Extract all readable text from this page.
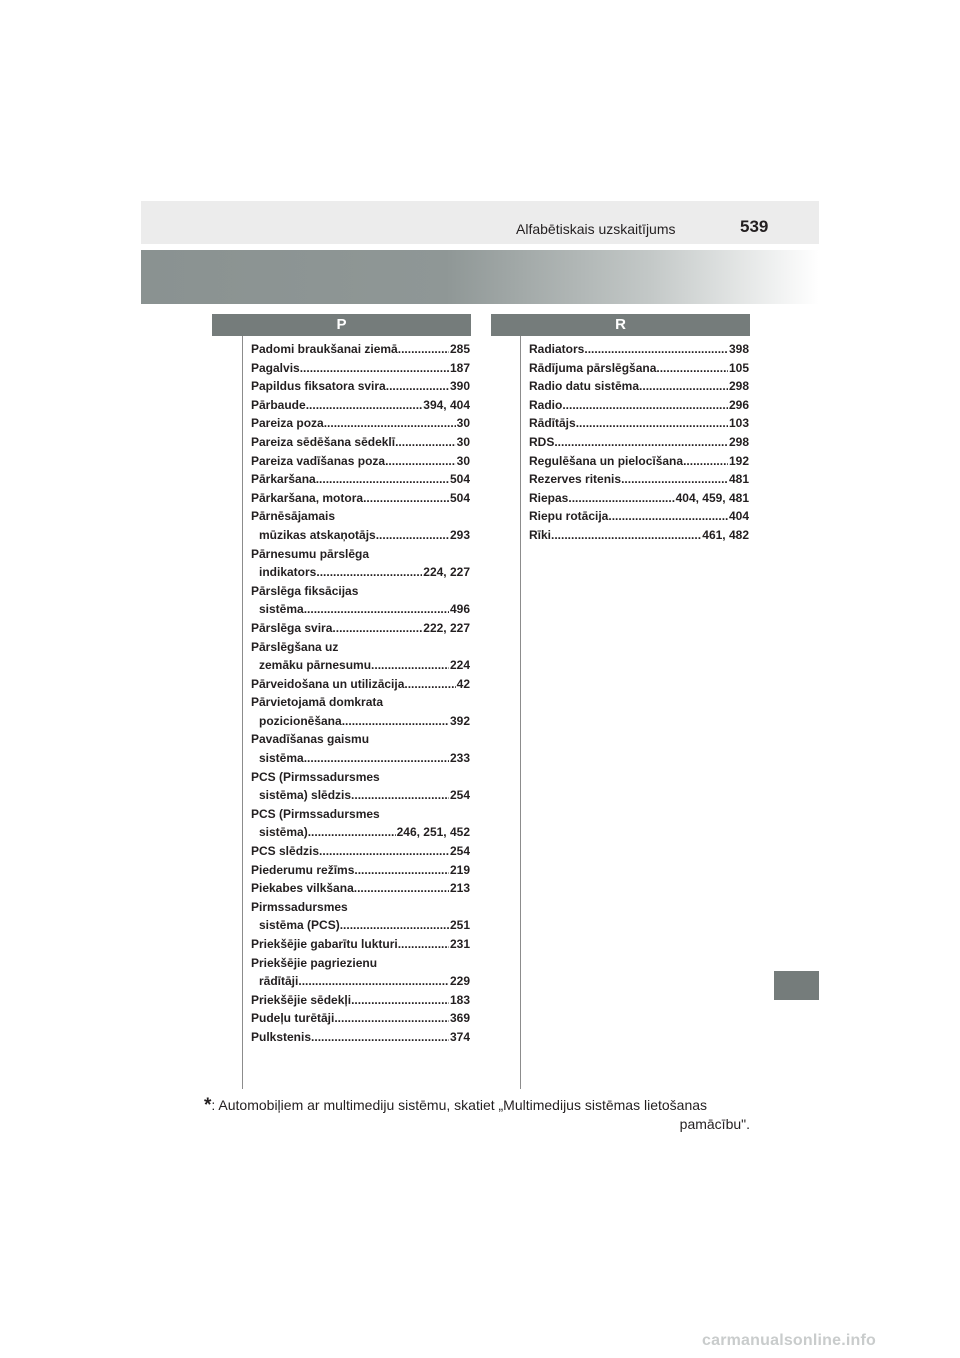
Alfabētiskais uzskaitījums	539
P	R
Padomi braukšanai ziemā .....	285
Pagalvis .....	187
Papildus fiksatora svira .....	390
Pārbaude .....	394, 404
Pareiza poza .....	30
Pareiza sēdēšana sēdeklī .....	30
Pareiza vadīšanas poza .....	30
Pārkaršana .....	504
Pārkaršana, motora .....	504
Pārnēsājamais
mūzikas atskaņotājs .....	293
Pārnesumu pārslēga
indikators .....	224, 227
Pārslēga fiksācijas
sistēma .....	496
Pārslēga svira .....	222, 227
Pārslēgšana uz
zemāku pārnesumu .....	224
Pārveidošana un utilizācija .....	42
Pārvietojamā domkrata
pozicionēšana .....	392
Pavadīšanas gaismu
sistēma .....	233
PCS (Pirmssadursmes
sistēma) slēdzis .....	254
PCS (Pirmssadursmes
sistēma) .....	246, 251, 452
PCS slēdzis .....	254
Piederumu režīms .....	219
Piekabes vilkšana .....	213
Pirmssadursmes
sistēma (PCS) .....	251
Priekšējie gabarītu lukturi .....	231
Priekšējie pagriezienu
rādītāji .....	229
Priekšējie sēdekļi .....	183
Pudeļu turētāji .....	369
Pulkstenis .....	374
Radiators .....	398
Rādījuma pārslēgšana .....	105
Radio datu sistēma .....	298
Radio .....	296
Rādītājs .....	103
RDS .....	298
Regulēšana un pielocīšana .....	192
Rezerves ritenis .....	481
Riepas .....	404, 459, 481
Riepu rotācija .....	404
Rīki .....	461, 482
*: Automobiļiem ar multimediju sistēmu, skatiet „Multimedijus sistēmas lietošanas
pamācību".
carmanualsonline.info
